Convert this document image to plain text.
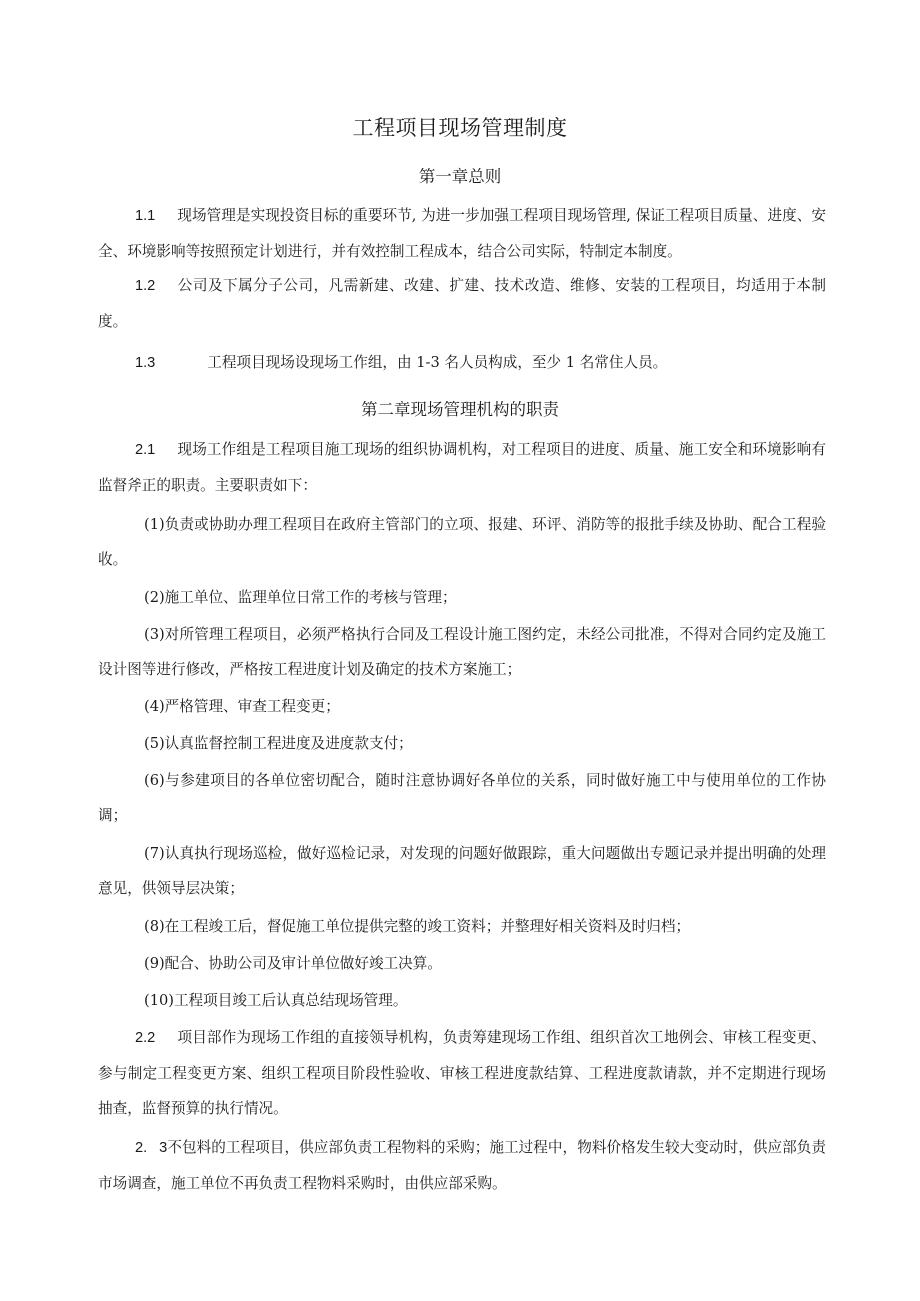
工程项目现场管理制度
第一章总则
1.1 现场管理是实现投资目标的重要环节, 为进一步加强工程项目现场管理, 保证工程项目质量、进度、安全、环境影响等按照预定计划进行，并有效控制工程成本，结合公司实际，特制定本制度。
1.2 公司及下属分子公司，凡需新建、改建、扩建、技术改造、维修、安装的工程项目，均适用于本制度。
1.3	工程项目现场设现场工作组，由 1-3 名人员构成，至少 1 名常住人员。
第二章现场管理机构的职责
2.1 现场工作组是工程项目施工现场的组织协调机构，对工程项目的进度、质量、施工安全和环境影响有监督斧正的职责。主要职责如下：
(1)负责或协助办理工程项目在政府主管部门的立项、报建、环评、消防等的报批手续及协助、配合工程验收。
(2)施工单位、监理单位日常工作的考核与管理；
(3)对所管理工程项目，必须严格执行合同及工程设计施工图约定，未经公司批准，不得对合同约定及施工设计图等进行修改，严格按工程进度计划及确定的技术方案施工；
(4)严格管理、审查工程变更；
(5)认真监督控制工程进度及进度款支付；
(6)与参建项目的各单位密切配合，随时注意协调好各单位的关系，同时做好施工中与使用单位的工作协调；
(7)认真执行现场巡检，做好巡检记录，对发现的问题好做跟踪，重大问题做出专题记录并提出明确的处理意见，供领导层决策；
(8)在工程竣工后，督促施工单位提供完整的竣工资料；并整理好相关资料及时归档；
(9)配合、协助公司及审计单位做好竣工决算。
(10)工程项目竣工后认真总结现场管理。
2.2 项目部作为现场工作组的直接领导机构，负责筹建现场工作组、组织首次工地例会、审核工程变更、参与制定工程变更方案、组织工程项目阶段性验收、审核工程进度款结算、工程进度款请款，并不定期进行现场抽查，监督预算的执行情况。
2. 3不包料的工程项目，供应部负责工程物料的采购；施工过程中，物料价格发生较大变动时，供应部负责市场调查，施工单位不再负责工程物料采购时，由供应部采购。
